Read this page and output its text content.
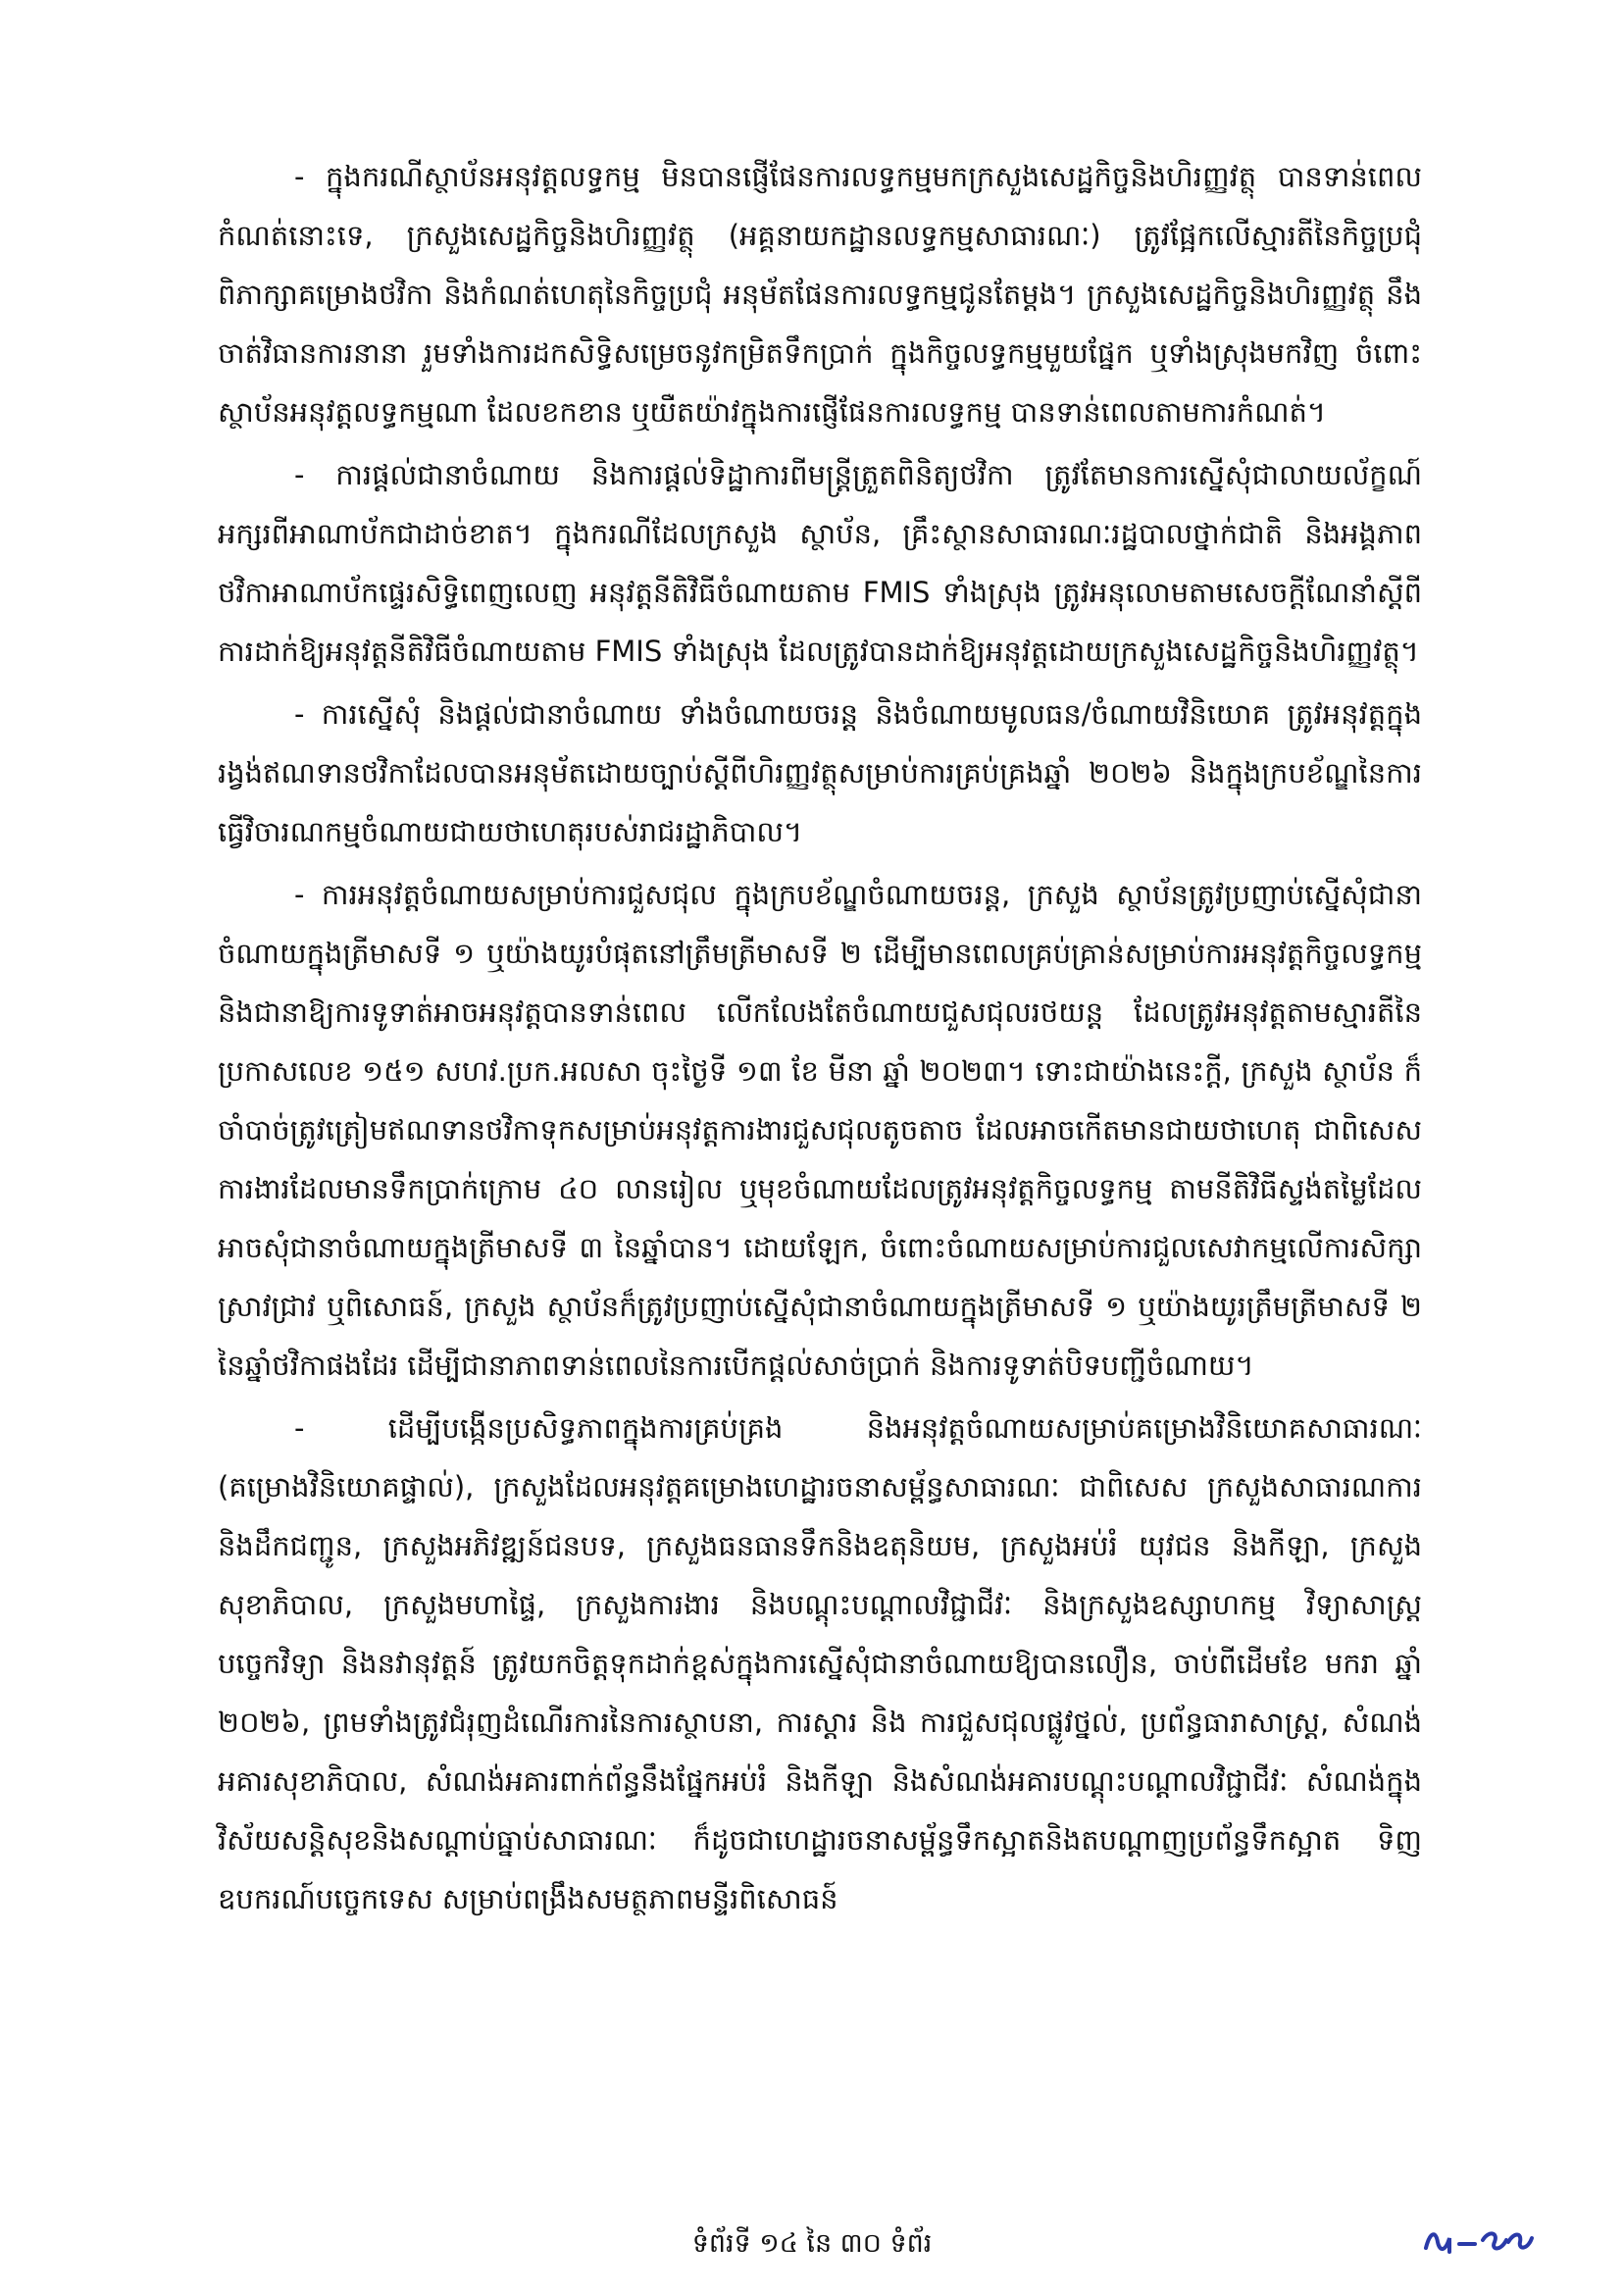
- ក្នុងករណីស្ថាប័នអនុវត្តលទ្ធកម្ម មិនបានផ្ញើផែនការលទ្ធកម្មមកក្រសួងសេដ្ឋកិច្ចនិងហិរញ្ញវត្ថុ បានទាន់ពេលកំណត់នោះទេ, ក្រសួងសេដ្ឋកិច្ចនិងហិរញ្ញវត្ថុ (អគ្គនាយកដ្ឋានលទ្ធកម្មសាធារណៈ) ត្រូវផ្អែកលើស្មារតីនៃកិច្ចប្រជុំពិភាក្សាគម្រោងថវិកា និងកំណត់ហេតុនៃកិច្ចប្រជុំ អនុម័តផែនការលទ្ធកម្មជូនតែម្តង។ ក្រសួងសេដ្ឋកិច្ចនិងហិរញ្ញវត្ថុ នឹងចាត់វិធានការនានា រួមទាំងការដកសិទ្ធិសម្រេចនូវកម្រិតទឹកប្រាក់ ក្នុងកិច្ចលទ្ធកម្មមួយផ្នែក ឬទាំងស្រុងមកវិញ ចំពោះស្ថាប័នអនុវត្តលទ្ធកម្មណា ដែលខកខាន ឬយឺតយ៉ាវក្នុងការផ្ញើផែនការលទ្ធកម្ម បានទាន់ពេលតាមការកំណត់។

- ការផ្តល់ជានាចំណាយ និងការផ្តល់ទិដ្ឋាការពីមន្ត្រីត្រួតពិនិត្យថវិកា ត្រូវតែមានការស្នើសុំជាលាយល័ក្ខណ៍អក្សរពីអាណាប័កជាដាច់ខាត។ ក្នុងករណីដែលក្រសួង ស្ថាប័ន, គ្រឹះស្ថានសាធារណៈរដ្ឋបាលថ្នាក់ជាតិ និងអង្គភាពថវិកាអាណាប័កផ្ទេរសិទ្ធិពេញលេញ អនុវត្តនីតិវិធីចំណាយតាម FMIS ទាំងស្រុង ត្រូវអនុលោមតាមសេចក្តីណែនាំស្តីពីការដាក់ឱ្យអនុវត្តនីតិវិធីចំណាយតាម FMIS ទាំងស្រុង ដែលត្រូវបានដាក់ឱ្យអនុវត្តដោយក្រសួងសេដ្ឋកិច្ចនិងហិរញ្ញវត្ថុ។

- ការស្នើសុំ និងផ្តល់ជានាចំណាយ ទាំងចំណាយចរន្ត និងចំណាយមូលធន/ចំណាយវិនិយោគ ត្រូវអនុវត្តក្នុងរង្វង់ឥណទានថវិកាដែលបានអនុម័តដោយច្បាប់ស្តីពីហិរញ្ញវត្ថុសម្រាប់ការគ្រប់គ្រងឆ្នាំ ២០២៦ និងក្នុងក្របខ័ណ្ឌនៃការធ្វើវិចារណកម្មចំណាយជាយថាហេតុរបស់រាជរដ្ឋាភិបាល។

- ការអនុវត្តចំណាយសម្រាប់ការជួសជុល ក្នុងក្របខ័ណ្ឌចំណាយចរន្ត, ក្រសួង ស្ថាប័នត្រូវប្រញាប់ស្នើសុំជានាចំណាយក្នុងត្រីមាសទី ១ ឬយ៉ាងយូរបំផុតនៅត្រឹមត្រីមាសទី ២ ដើម្បីមានពេលគ្រប់គ្រាន់សម្រាប់ការអនុវត្តកិច្ចលទ្ធកម្ម និងជានាឱ្យការទូទាត់អាចអនុវត្តបានទាន់ពេល លើកលែងតែចំណាយជួសជុលរថយន្ត ដែលត្រូវអនុវត្តតាមស្មារតីនៃប្រកាសលេខ ១៥១ សហវ.ប្រក.អលសា ចុះថ្ងៃទី ១៣ ខែ មីនា ឆ្នាំ ២០២៣។ ទោះជាយ៉ាងនេះក្តី, ក្រសួង ស្ថាប័ន ក៏ចាំបាច់ត្រូវត្រៀមឥណទានថវិកាទុកសម្រាប់អនុវត្តការងារជួសជុលតូចតាច ដែលអាចកើតមានជាយថាហេតុ ជាពិសេសការងារដែលមានទឹកប្រាក់ក្រោម ៤០ លានរៀល ឬមុខចំណាយដែលត្រូវអនុវត្តកិច្ចលទ្ធកម្ម តាមនីតិវិធីស្ទង់តម្លៃដែលអាចសុំជានាចំណាយក្នុងត្រីមាសទី ៣ នៃឆ្នាំបាន។ ដោយឡែក, ចំពោះចំណាយសម្រាប់ការជួលសេវាកម្មលើការសិក្សាស្រាវជ្រាវ ឬពិសោធន៍, ក្រសួង ស្ថាប័នក៏ត្រូវប្រញាប់ស្នើសុំជានាចំណាយក្នុងត្រីមាសទី ១ ឬយ៉ាងយូរត្រឹមត្រីមាសទី ២ នៃឆ្នាំថវិកាផងដែរ ដើម្បីជានាភាពទាន់ពេលនៃការបើកផ្តល់សាច់ប្រាក់ និងការទូទាត់បិទបញ្ជីចំណាយ។

- ដើម្បីបង្កើនប្រសិទ្ធភាពក្នុងការគ្រប់គ្រង និងអនុវត្តចំណាយសម្រាប់គម្រោងវិនិយោគសាធារណៈ (គម្រោងវិនិយោគផ្ទាល់), ក្រសួងដែលអនុវត្តគម្រោងហេដ្ឋារចនាសម្ព័ន្ធសាធារណៈ ជាពិសេស ក្រសួងសាធារណការ និងដឹកជញ្ជូន, ក្រសួងអភិវឌ្ឍន៍ជនបទ, ក្រសួងធនធានទឹកនិងឧតុនិយម, ក្រសួងអប់រំ យុវជន និងកីឡា, ក្រសួងសុខាភិបាល, ក្រសួងមហាផ្ទៃ, ក្រសួងការងារ និងបណ្តុះបណ្តាលវិជ្ជាជីវៈ និងក្រសួងឧស្សាហកម្ម វិទ្យាសាស្ត្រ បច្ចេកវិទ្យា និងនវានុវត្តន៍ ត្រូវយកចិត្តទុកដាក់ខ្ពស់ក្នុងការស្នើសុំជានាចំណាយឱ្យបានលឿន, ចាប់ពីដើមខែ មករា ឆ្នាំ ២០២៦, ព្រមទាំងត្រូវជំរុញដំណើរការនៃការស្ថាបនា, ការស្តារ និង ការជួសជុលផ្លូវថ្នល់, ប្រព័ន្ធធារាសាស្ត្រ, សំណង់អគារសុខាភិបាល, សំណង់អគារពាក់ព័ន្ធនឹងផ្នែកអប់រំ និងកីឡា និងសំណង់អគារបណ្តុះបណ្តាលវិជ្ជាជីវៈ សំណង់ក្នុងវិស័យសន្តិសុខនិងសណ្តាប់ធ្នាប់សាធារណៈ ក៏ដូចជាហេដ្ឋារចនាសម្ព័ន្ធទឹកស្អាតនិងតបណ្តាញប្រព័ន្ធទឹកស្អាត ទិញឧបករណ៍បច្ចេកទេស សម្រាប់ពង្រឹងសមត្ថភាពមន្ទីរពិសោធន៍

ទំព័រទី ១៤ នៃ ៣០ ទំព័រ
